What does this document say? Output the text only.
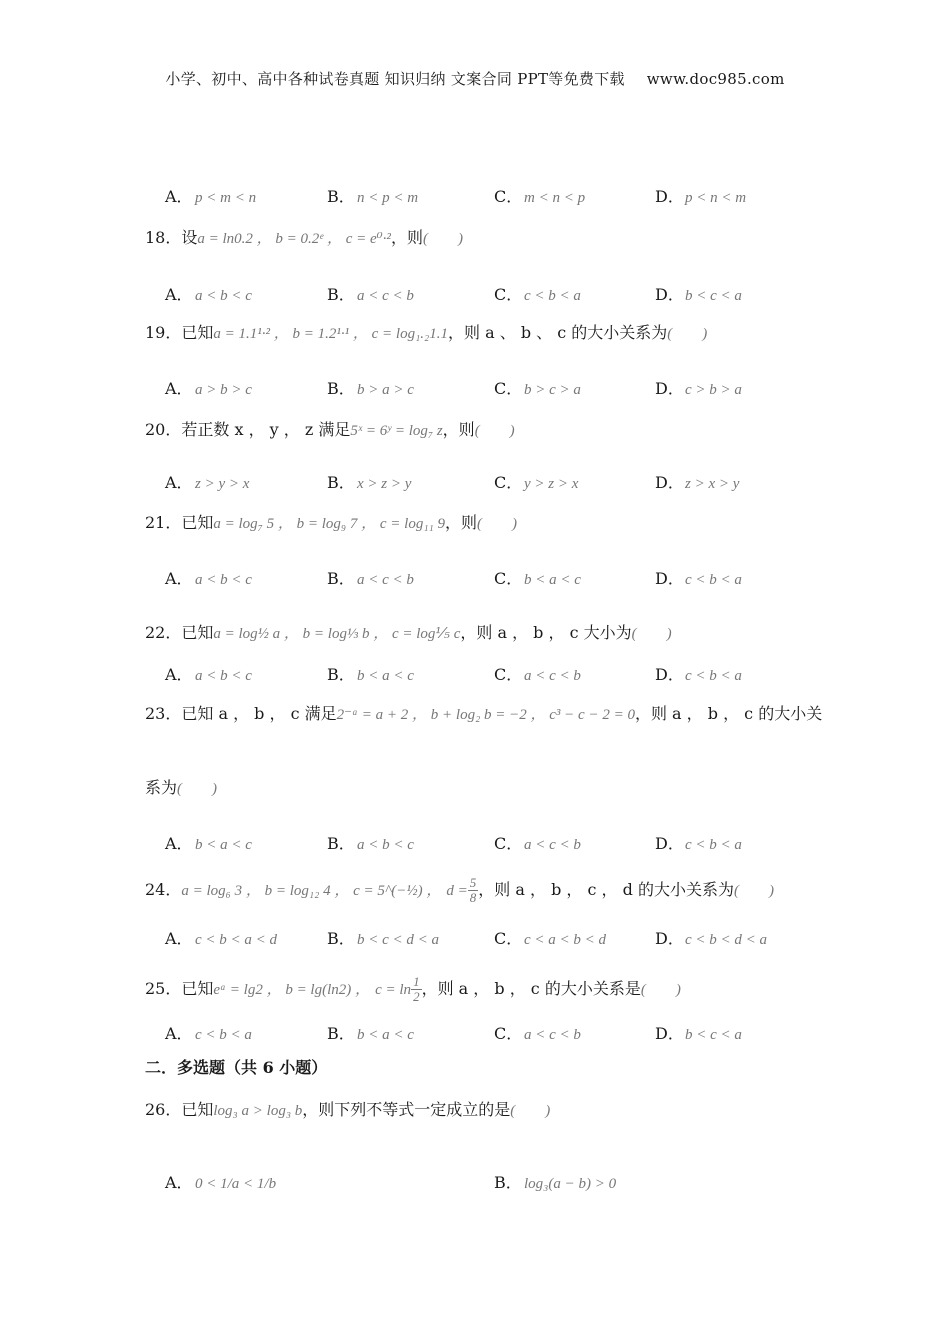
小学、初中、高中各种试卷真题 知识归纳 文案合同 PPT等免费下载 www.doc985.com
A． p < m < n	B． n < p < m	C． m < n < p	D．p < n < m
18．设a = ln0.2 ， b = 0.2ᵉ ， c = e⁰·²，则(　　)
A． a < b < c	B． a < c < b	C． c < b < a	D．b < c < a
19．已知a = 1.1¹·² ， b = 1.2¹·¹ ， c = log₁.₂1.1，则 a 、 b 、 c 的大小关系为(　　)
A． a > b > c	B． b > a > c	C． b > c > a	D．c > b > a
20．若正数 x ， y ， z 满足5ˣ = 6ʸ = log₇ z，则(　　)
A． z > y > x	B． x > z > y	C． y > z > x	D．z > x > y
21．已知a = log₇ 5 ， b = log₉ 7 ， c = log₁₁ 9，则(　　)
A． a < b < c	B． a < c < b	C． b < a < c	D．c < b < a
22．已知a = log½ a ， b = log⅓ b ， c = log⅕ c，则 a ， b ， c 大小为(　　)
A． a < b < c	B． b < a < c	C． a < c < b	D．c < b < a
23．已知 a ， b ， c 满足2⁻ᵃ = a + 2 ， b + log₂ b = −2 ， c³ − c − 2 = 0，则 a ， b ， c 的大小关
系为(　　)
A． b < a < c	B． a < b < c	C． a < c < b	D．c < b < a
24．a = log₆ 3 ， b = log₁₂ 4 ， c = 5^(−½) ， $d = \frac{5}{8}$ ，则 a ， b ， c ， d 的大小关系为(　　)
A． c < b < a < d	B． b < c < d < a	C． c < a < b < d	D．c < b < d < a
25．已知eᵃ = lg2 ， b = lg(ln2) ， $c = \ln \frac{1}{2}$ ，则 a ， b ， c 的大小关系是(　　)
A． c < b < a	B． b < a < c	C． a < c < b	D．b < c < a
二．多选题（共 6 小题）
26．已知log₃ a > log₃ b，则下列不等式一定成立的是(　　)
A． 0 < 1/a < 1/b	B． log₃(a − b) > 0
